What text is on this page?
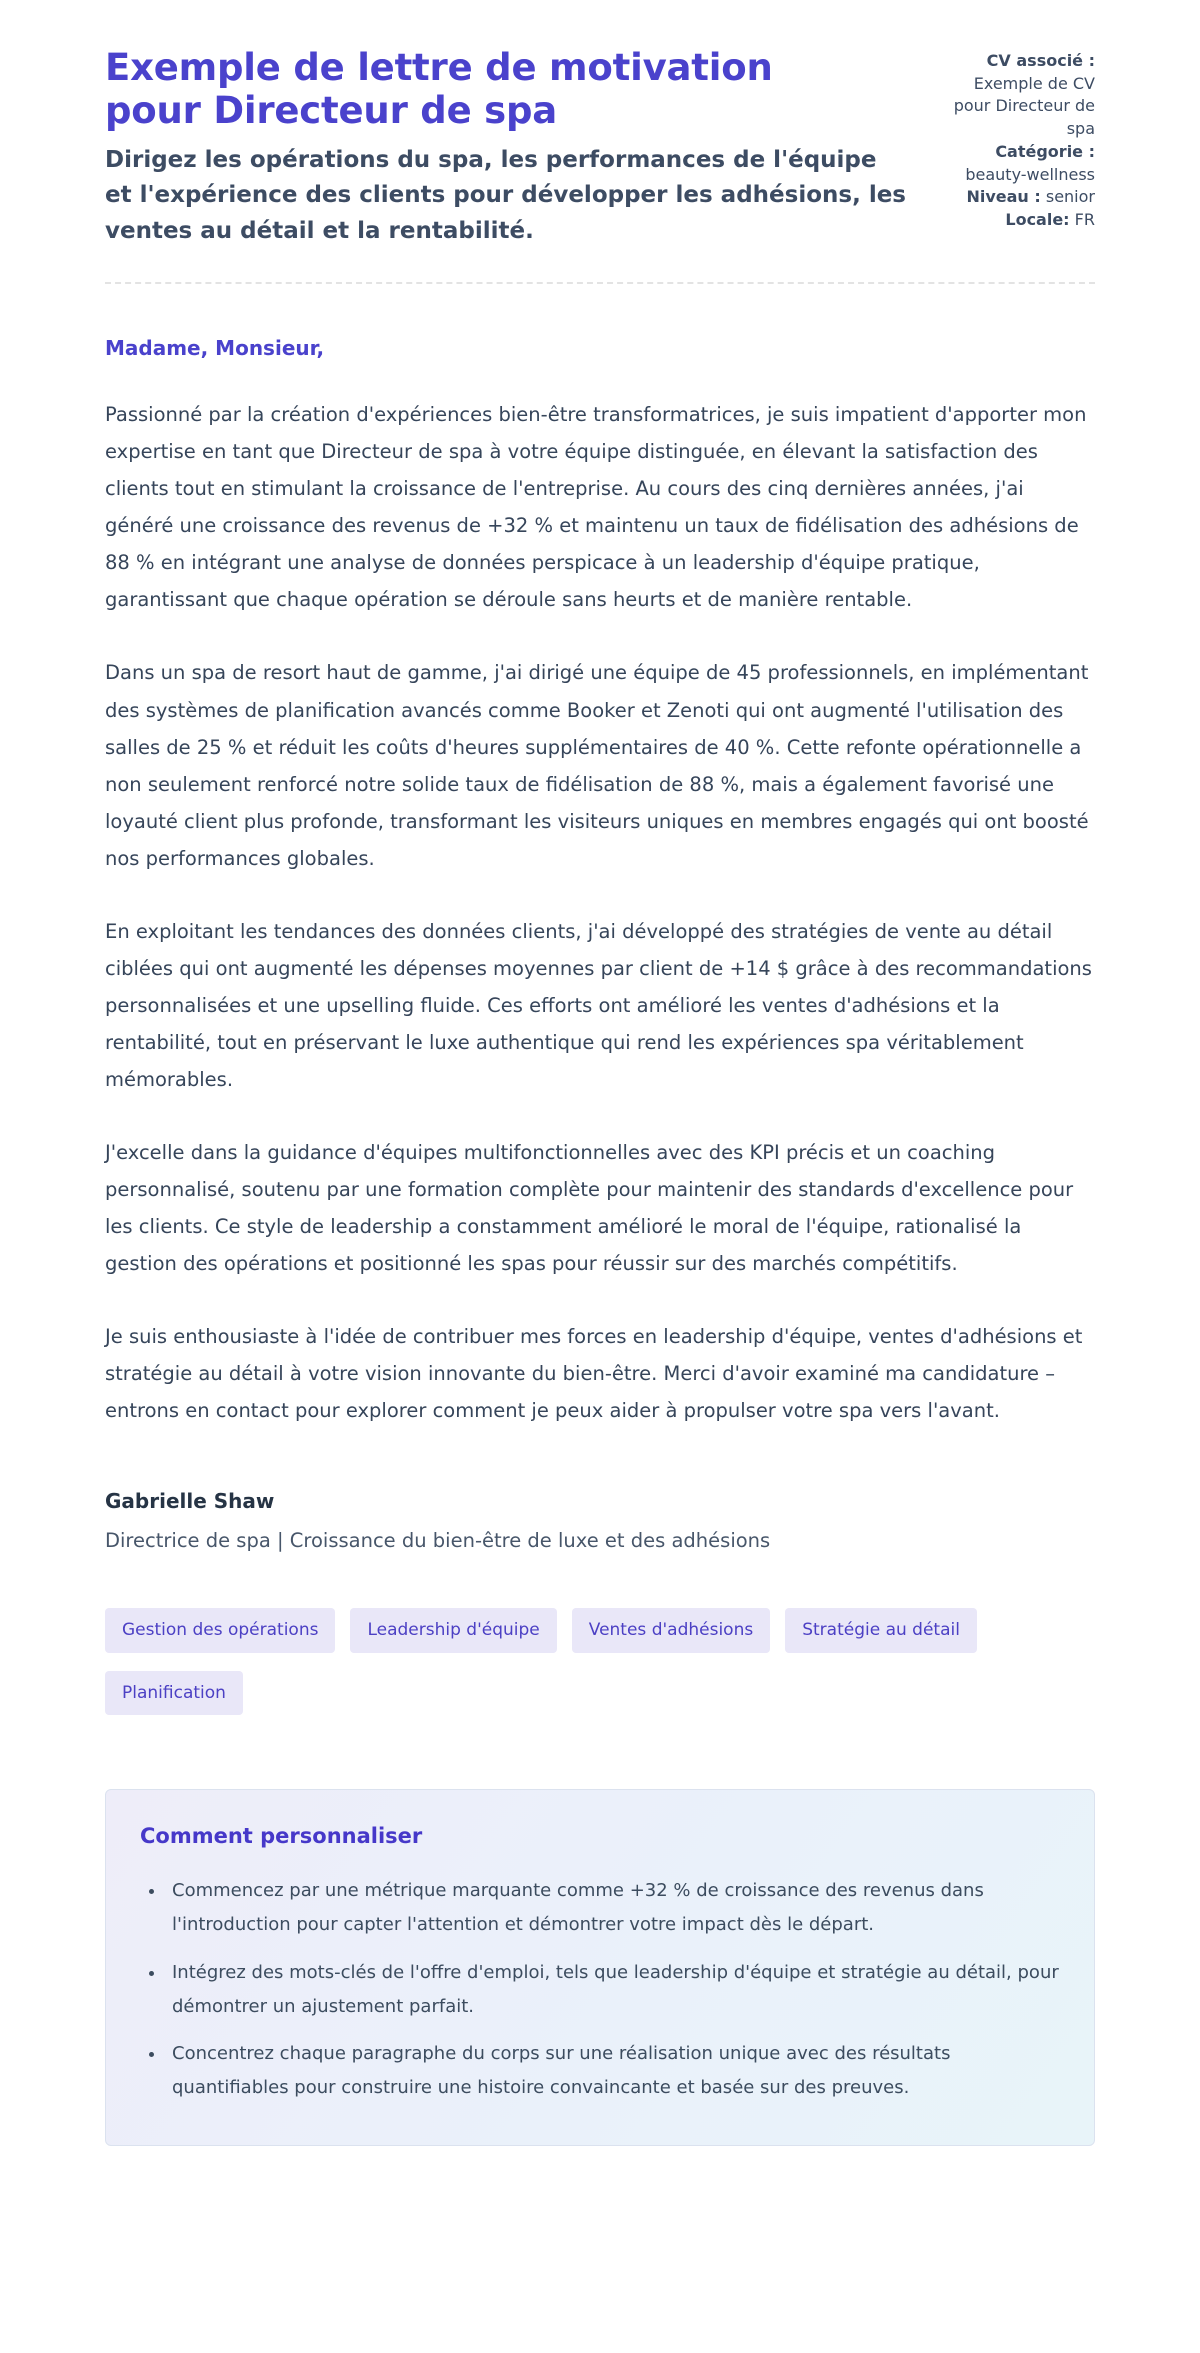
Exemple de lettre de motivation pour Directeur de spa

Dirigez les opérations du spa, les performances de l'équipe et l'expérience des clients pour développer les adhésions, les ventes au détail et la rentabilité.

CV associé : Exemple de CV pour Directeur de spa
Catégorie : beauty-wellness
Niveau : senior
Locale: FR

Madame, Monsieur,

Passionné par la création d'expériences bien-être transformatrices, je suis impatient d'apporter mon expertise en tant que Directeur de spa à votre équipe distinguée, en élevant la satisfaction des clients tout en stimulant la croissance de l'entreprise. Au cours des cinq dernières années, j'ai généré une croissance des revenus de +32 % et maintenu un taux de fidélisation des adhésions de 88 % en intégrant une analyse de données perspicace à un leadership d'équipe pratique, garantissant que chaque opération se déroule sans heurts et de manière rentable.

Dans un spa de resort haut de gamme, j'ai dirigé une équipe de 45 professionnels, en implémentant des systèmes de planification avancés comme Booker et Zenoti qui ont augmenté l'utilisation des salles de 25 % et réduit les coûts d'heures supplémentaires de 40 %. Cette refonte opérationnelle a non seulement renforcé notre solide taux de fidélisation de 88 %, mais a également favorisé une loyauté client plus profonde, transformant les visiteurs uniques en membres engagés qui ont boosté nos performances globales.

En exploitant les tendances des données clients, j'ai développé des stratégies de vente au détail ciblées qui ont augmenté les dépenses moyennes par client de +14 $ grâce à des recommandations personnalisées et une upselling fluide. Ces efforts ont amélioré les ventes d'adhésions et la rentabilité, tout en préservant le luxe authentique qui rend les expériences spa véritablement mémorables.

J'excelle dans la guidance d'équipes multifonctionnelles avec des KPI précis et un coaching personnalisé, soutenu par une formation complète pour maintenir des standards d'excellence pour les clients. Ce style de leadership a constamment amélioré le moral de l'équipe, rationalisé la gestion des opérations et positionné les spas pour réussir sur des marchés compétitifs.

Je suis enthousiaste à l'idée de contribuer mes forces en leadership d'équipe, ventes d'adhésions et stratégie au détail à votre vision innovante du bien-être. Merci d'avoir examiné ma candidature – entrons en contact pour explorer comment je peux aider à propulser votre spa vers l'avant.

Gabrielle Shaw

Directrice de spa | Croissance du bien-être de luxe et des adhésions

Gestion des opérations	Leadership d'équipe	Ventes d'adhésions	Stratégie au détail
Planification
Comment personnaliser
• Commencez par une métrique marquante comme +32 % de croissance des revenus dans l'introduction pour capter l'attention et démontrer votre impact dès le départ.
• Intégrez des mots-clés de l'offre d'emploi, tels que leadership d'équipe et stratégie au détail, pour démontrer un ajustement parfait.
• Concentrez chaque paragraphe du corps sur une réalisation unique avec des résultats quantifiables pour construire une histoire convaincante et basée sur des preuves.
